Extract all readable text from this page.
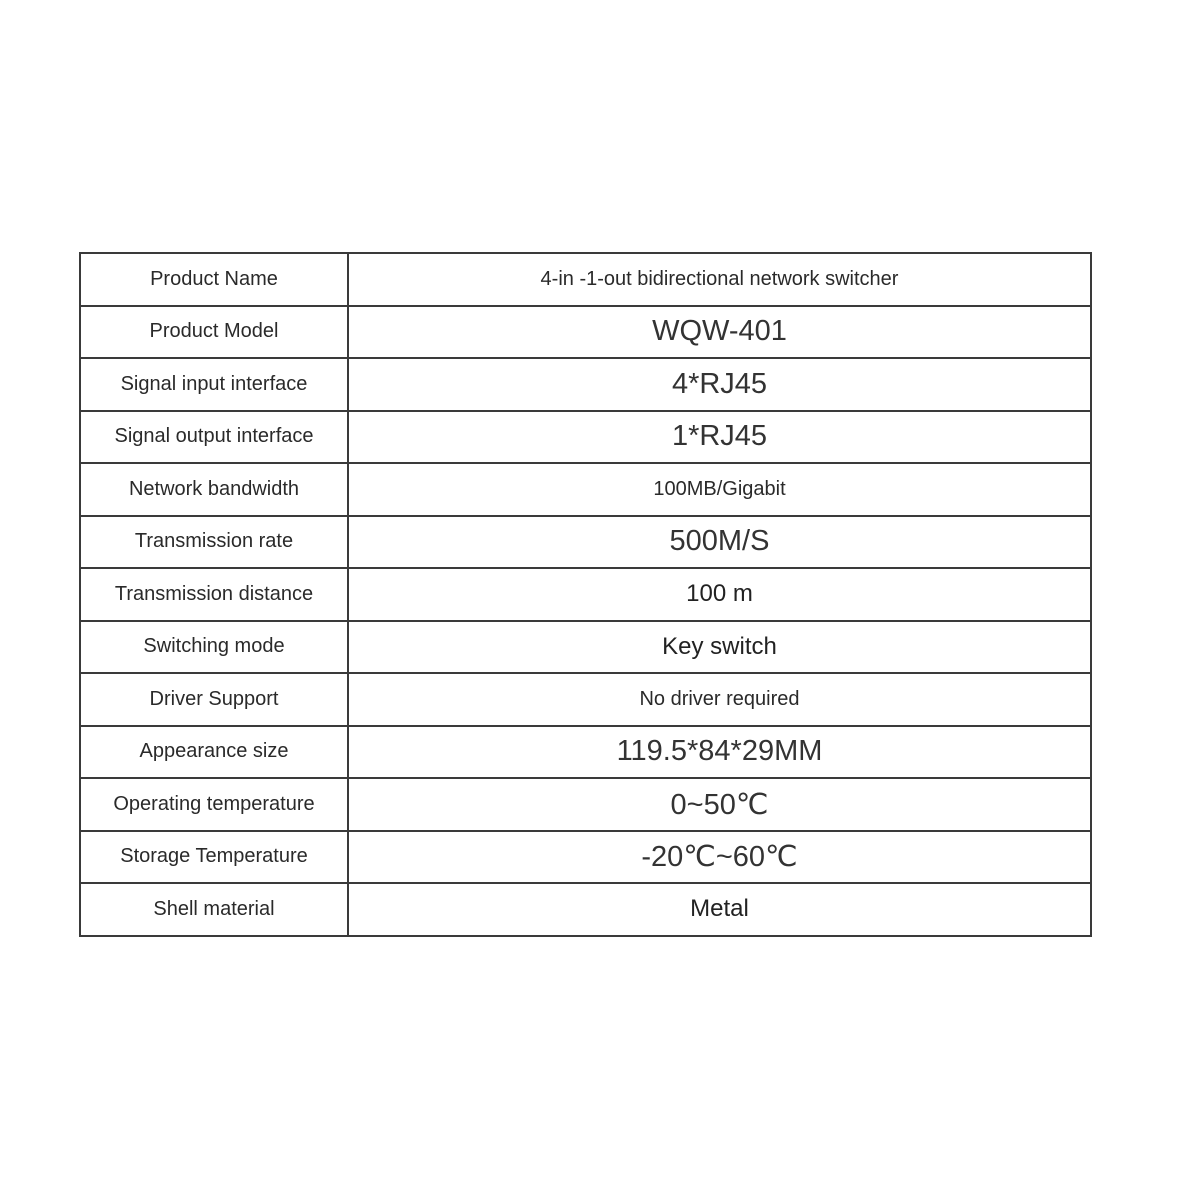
Product Name	4-in -1-out bidirectional network switcher
Product Model	WQW-401
Signal input interface	4*RJ45
Signal output interface	1*RJ45
Network bandwidth	100MB/Gigabit
Transmission rate	500M/S
Transmission distance	100 m
Switching mode	Key switch
Driver Support	No driver required
Appearance size	119.5*84*29MM
Operating temperature	0~50℃
Storage Temperature	-20℃~60℃
Shell material	Metal
